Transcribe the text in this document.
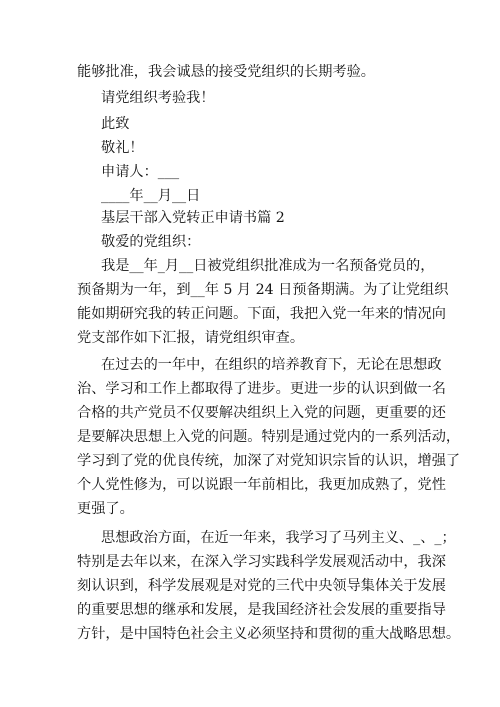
能够批准，我会诚恳的接受党组织的长期考验。
请党组织考验我！
此致
敬礼！
申请人：___
____年__月__日
基层干部入党转正申请书篇 2
敬爱的党组织：
我是__年_月__日被党组织批准成为一名预备党员的，
预备期为一年，到__年 5 月 24 日预备期满。为了让党组织
能如期研究我的转正问题。下面，我把入党一年来的情况向
党支部作如下汇报，请党组织审查。
在过去的一年中，在组织的培养教育下，无论在思想政
治、学习和工作上都取得了进步。更进一步的认识到做一名
合格的共产党员不仅要解决组织上入党的问题，更重要的还
是要解决思想上入党的问题。特别是通过党内的一系列活动，
学习到了党的优良传统，加深了对党知识宗旨的认识，增强了
个人党性修为，可以说跟一年前相比，我更加成熟了，党性
更强了。
思想政治方面，在近一年来，我学习了马列主义、_、_；
特别是去年以来，在深入学习实践科学发展观活动中，我深
刻认识到，科学发展观是对党的三代中央领导集体关于发展
的重要思想的继承和发展，是我国经济社会发展的重要指导
方针，是中国特色社会主义必须坚持和贯彻的重大战略思想。
